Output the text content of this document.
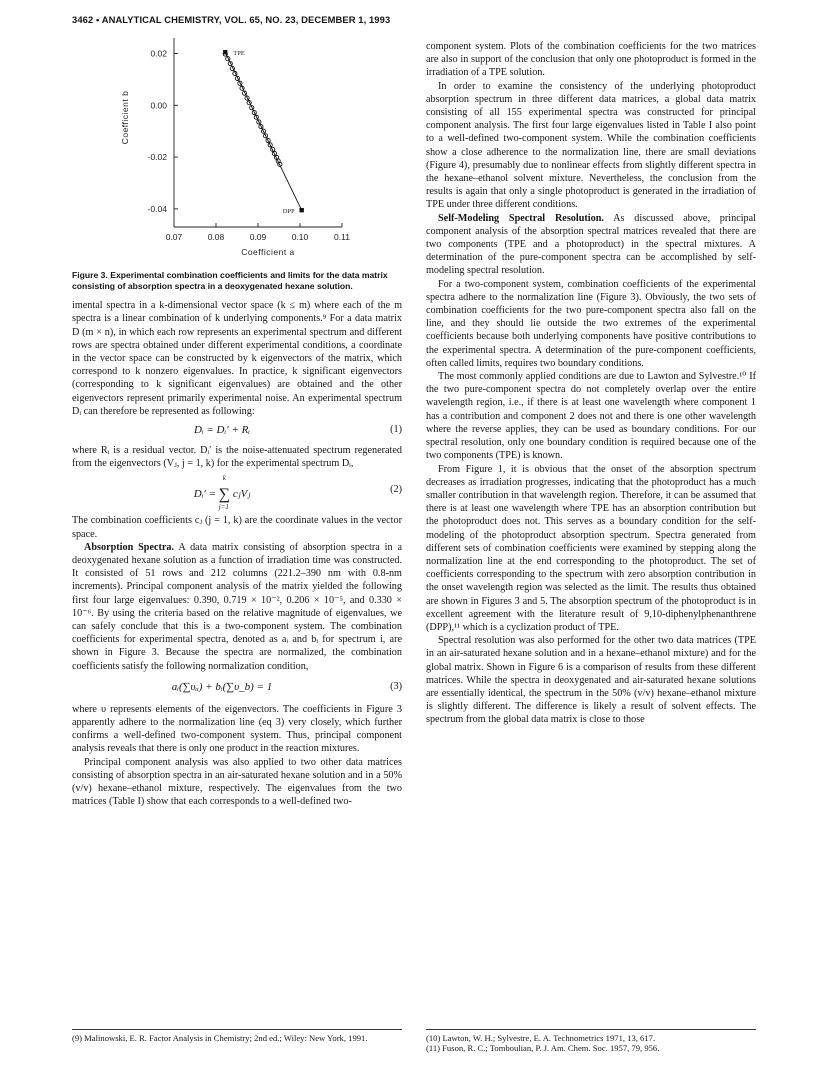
3462 • ANALYTICAL CHEMISTRY, VOL. 65, NO. 23, DECEMBER 1, 1993
0.07	0.08	0.09	0.10	0.11
0.02
0.00
-0.02
-0.04
Coefficient a
Coefficient b
TPE
DPP
Figure 3. Experimental combination coefficients and limits for the data matrix consisting of absorption spectra in a deoxygenated hexane solution.

imental spectra in a k-dimensional vector space (k ≤ m) where each of the m spectra is a linear combination of k underlying components.⁹ For a data matrix D (m × n), in which each row represents an experimental spectrum and different rows are spectra obtained under different experimental conditions, a coordinate in the vector space can be constructed by k eigenvectors of the matrix, which correspond to k nonzero eigenvalues. In practice, k significant eigenvectors (corresponding to k significant eigenvalues) are obtained and the other eigenvectors represent primarily experimental noise. An experimental spectrum Dᵢ can therefore be represented as following:

Dᵢ = Dᵢ′ + Rᵢ	(1)

where Rᵢ is a residual vector. Dᵢ′ is the noise-attenuated spectrum regenerated from the eigenvectors (Vⱼ, j = 1, k) for the experimental spectrum Dᵢ,

Dᵢ′ =
k
∑
j=1
cⱼVⱼ	(2)

The combination coefficients cⱼ (j = 1, k) are the coordinate values in the vector space.

Absorption Spectra. A data matrix consisting of absorption spectra in a deoxygenated hexane solution as a function of irradiation time was constructed. It consisted of 51 rows and 212 columns (221.2–390 nm with 0.8-nm increments). Principal component analysis of the matrix yielded the following first four large eigenvalues: 0.390, 0.719 × 10⁻², 0.206 × 10⁻⁵, and 0.330 × 10⁻⁶. By using the criteria based on the relative magnitude of eigenvalues, we can safely conclude that this is a two-component system. The combination coefficients for experimental spectra, denoted as aᵢ and bᵢ for spectrum i, are shown in Figure 3. Because the spectra are normalized, the combination coefficients satisfy the following normalization condition,

aᵢ(∑υₐ) + bᵢ(∑υ_b) = 1	(3)

where υ represents elements of the eigenvectors. The coefficients in Figure 3 apparently adhere to the normalization line (eq 3) very closely, which further confirms a well-defined two-component system. Thus, principal component analysis reveals that there is only one product in the reaction mixtures.

Principal component analysis was also applied to two other data matrices consisting of absorption spectra in an air-saturated hexane solution and in a 50% (v/v) hexane–ethanol mixture, respectively. The eigenvalues from the two matrices (Table I) show that each corresponds to a well-defined two-

component system. Plots of the combination coefficients for the two matrices are also in support of the conclusion that only one photoproduct is formed in the irradiation of a TPE solution.

In order to examine the consistency of the underlying photoproduct absorption spectrum in three different data matrices, a global data matrix consisting of all 155 experimental spectra was constructed for principal component analysis. The first four large eigenvalues listed in Table I also point to a well-defined two-component system. While the combination coefficients show a close adherence to the normalization line, there are small deviations (Figure 4), presumably due to nonlinear effects from slightly different spectra in the hexane–ethanol solvent mixture. Nevertheless, the conclusion from the results is again that only a single photoproduct is generated in the irradiation of TPE under three different conditions.

Self-Modeling Spectral Resolution. As discussed above, principal component analysis of the absorption spectral matrices revealed that there are two components (TPE and a photoproduct) in the spectral mixtures. A determination of the pure-component spectra can be accomplished by self-modeling spectral resolution.

For a two-component system, combination coefficients of the experimental spectra adhere to the normalization line (Figure 3). Obviously, the two sets of combination coefficients for the two pure-component spectra also fall on the line, and they should lie outside the two extremes of the experimental coefficients because both underlying components have positive contributions to the experimental spectra. A determination of the pure-component coefficients, often called limits, requires two boundary conditions.

The most commonly applied conditions are due to Lawton and Sylvestre.¹⁰ If the two pure-component spectra do not completely overlap over the entire wavelength region, i.e., if there is at least one wavelength where component 1 has a contribution and component 2 does not and there is one other wavelength where the reverse applies, they can be used as boundary conditions. For our spectral resolution, only one boundary condition is required because one of the two components (TPE) is known.

From Figure 1, it is obvious that the onset of the absorption spectrum decreases as irradiation progresses, indicating that the photoproduct has a much smaller contribution in that wavelength region. Therefore, it can be assumed that there is at least one wavelength where TPE has an absorption contribution but the photoproduct does not. This serves as a boundary condition for the self-modeling of the photoproduct absorption spectrum. Spectra generated from different sets of combination coefficients were examined by stepping along the normalization line at the end corresponding to the photoproduct. The set of coefficients corresponding to the spectrum with zero absorption contribution in the onset wavelength region was selected as the limit. The results thus obtained are shown in Figures 3 and 5. The absorption spectrum of the photoproduct is in excellent agreement with the literature result of 9,10-diphenylphenanthrene (DPP),¹¹ which is a cyclization product of TPE.

Spectral resolution was also performed for the other two data matrices (TPE in an air-saturated hexane solution and in a hexane–ethanol mixture) and for the global matrix. Shown in Figure 6 is a comparison of results from these different matrices. While the spectra in deoxygenated and air-saturated hexane solutions are essentially identical, the spectrum in the 50% (v/v) hexane–ethanol mixture is slightly different. The difference is likely a result of solvent effects. The spectrum from the global data matrix is close to those

(9) Malinowski, E. R. Factor Analysis in Chemistry; 2nd ed.; Wiley: New York, 1991.	(10) Lawton, W. H.; Sylvestre, E. A. Technometrics 1971, 13, 617.
(11) Fuson, R. C.; Tomboulian, P. J. Am. Chem. Soc. 1957, 79, 956.
